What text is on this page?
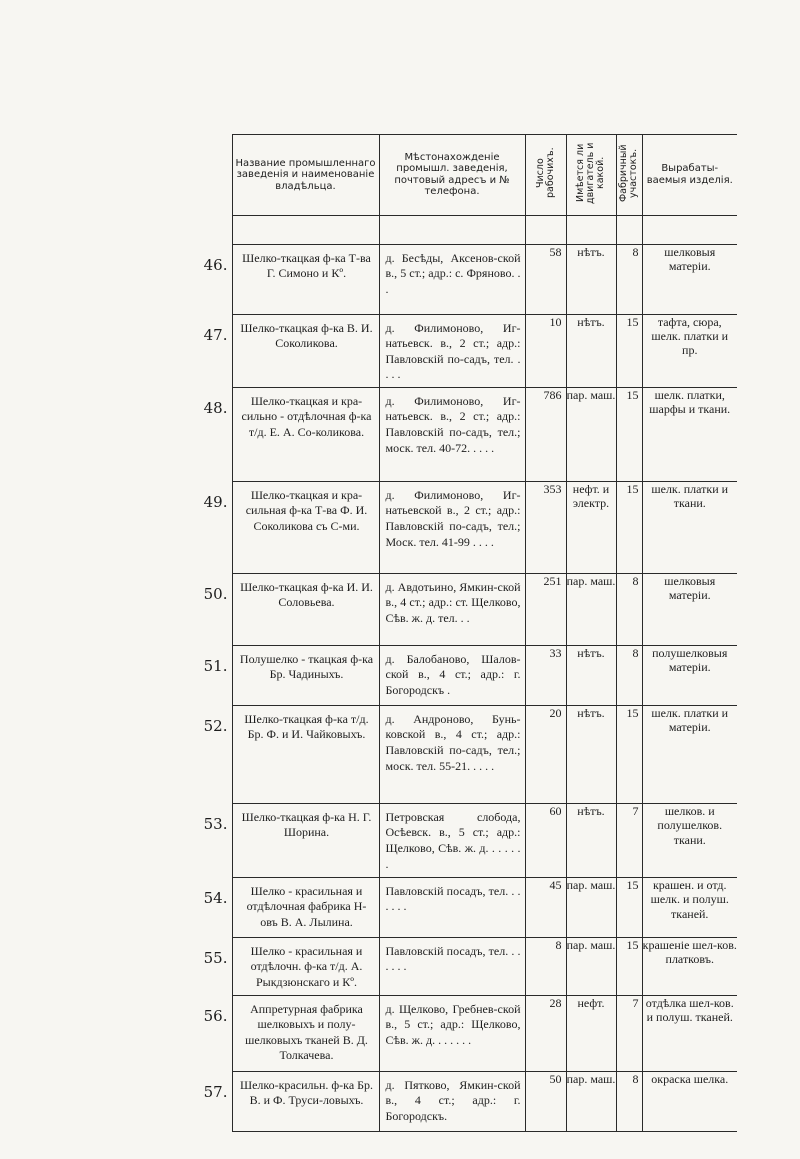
	Название промышленнаго заведенія и наименованіе владѣльца.	Мѣстонахожденіе промышл. заведенія, почтовый адресъ и № телефона.	Число рабочихъ.	Имѣется ли двигатель и какой.	Фабричный участокъ.	Вырабаты-ваемыя изделія.

46.	Шелко-ткацкая ф-ка Т-ва Г. Симоно и Кº.	д. Бесѣды, Аксенов-ской в., 5 ст.; адр.: с. Фряново. . .	58	нѣтъ.	8	шелковыя матеріи.
47.	Шелко-ткацкая ф-ка В. И. Соколикова.	д. Филимоново, Иг-натьевск. в., 2 ст.; адр.: Павловскій по-садъ, тел. . . . .	10	нѣтъ.	15	тафта, сюра, шелк. платки и пр.
48.	Шелко-ткацкая и кра-сильно - отдѣлочная ф-ка т/д. Е. А. Со-коликова.	д. Филимоново, Иг-натьевск. в., 2 ст.; адр.: Павловскій по-садъ, тел.; моск. тел. 40-72. . . . .	786	пар. маш.	15	шелк. платки, шарфы и ткани.
49.	Шелко-ткацкая и кра-сильная ф-ка Т-ва Ф. И. Соколикова съ С-ми.	д. Филимоново, Иг-натьевской в., 2 ст.; адр.: Павловскій по-садъ, тел.; Моск. тел. 41-99 . . . .	353	нефт. и электр.	15	шелк. платки и ткани.
50.	Шелко-ткацкая ф-ка И. И. Соловьева.	д. Авдотьино, Ямкин-ской в., 4 ст.; адр.: ст. Щелково, Сѣв. ж. д. тел. . .	251	пар. маш.	8	шелковыя матеріи.
51.	Полушелко - ткацкая ф-ка Бр. Чадиныхъ.	д. Балобаново, Шалов-ской в., 4 ст.; адр.: г. Богородскъ .	33	нѣтъ.	8	полушелковыя матеріи.
52.	Шелко-ткацкая ф-ка т/д. Бр. Ф. и И. Чайковыхъ.	д. Андроново, Бунь-ковской в., 4 ст.; адр.: Павловскій по-садъ, тел.; моск. тел. 55-21. . . . .	20	нѣтъ.	15	шелк. платки и матеріи.
53.	Шелко-ткацкая ф-ка Н. Г. Шорина.	Петровская слобода, Осѣевск. в., 5 ст.; адр.: Щелково, Сѣв. ж. д. . . . . . .	60	нѣтъ.	7	шелков. и полушелков. ткани.
54.	Шелко - красильная и отдѣлочная фабрика Н-овъ В. А. Лылина.	Павловскій посадъ, тел. . . . . . .	45	пар. маш.	15	крашен. и отд. шелк. и полуш. тканей.
55.	Шелко - красильная и отдѣлочн. ф-ка т/д. А. Рыкдзюнскаго и Кº.	Павловскій посадъ, тел. . . . . . .	8	пар. маш.	15	крашеніе шел-ков. платковъ.
56.	Аппретурная фабрика шелковыхъ и полу-шелковыхъ тканей В. Д. Толкачева.	д. Щелково, Гребнев-ской в., 5 ст.; адр.: Щелково, Сѣв. ж. д. . . . . . .	28	нефт.	7	отдѣлка шел-ков. и полуш. тканей.
57.	Шелко-красильн. ф-ка Бр. В. и Ф. Труси-ловыхъ.	д. Пятково, Ямкин-ской в., 4 ст.; адр.: г. Богородскъ.	50	пар. маш.	8	окраска шелка.
